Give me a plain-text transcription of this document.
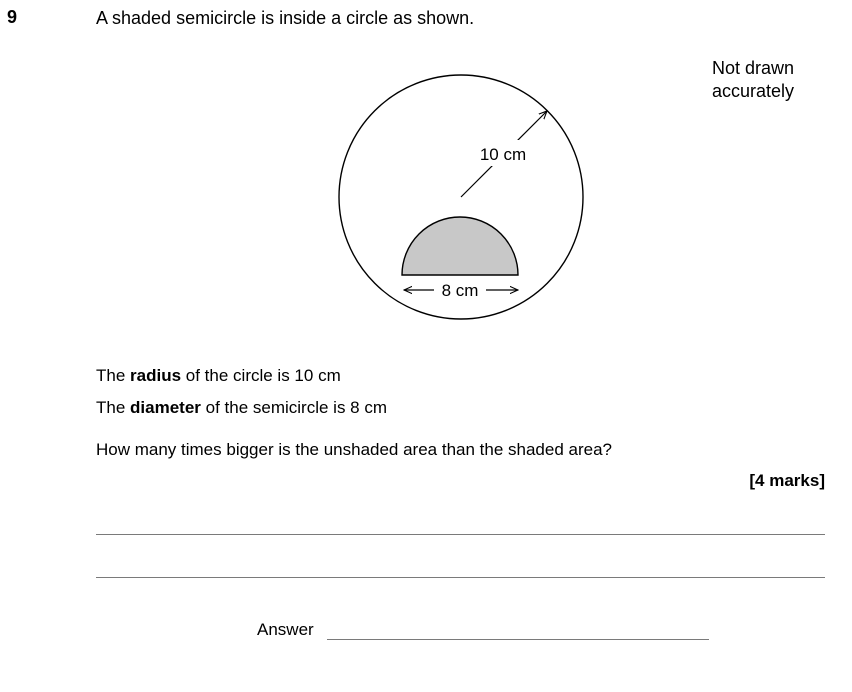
9	A shaded semicircle is inside a circle as shown.
Not drawn
accurately
10 cm
8 cm
The radius of the circle is 10 cm
The diameter of the semicircle is 8 cm
How many times bigger is the unshaded area than the shaded area?
[4 marks]
Answer
